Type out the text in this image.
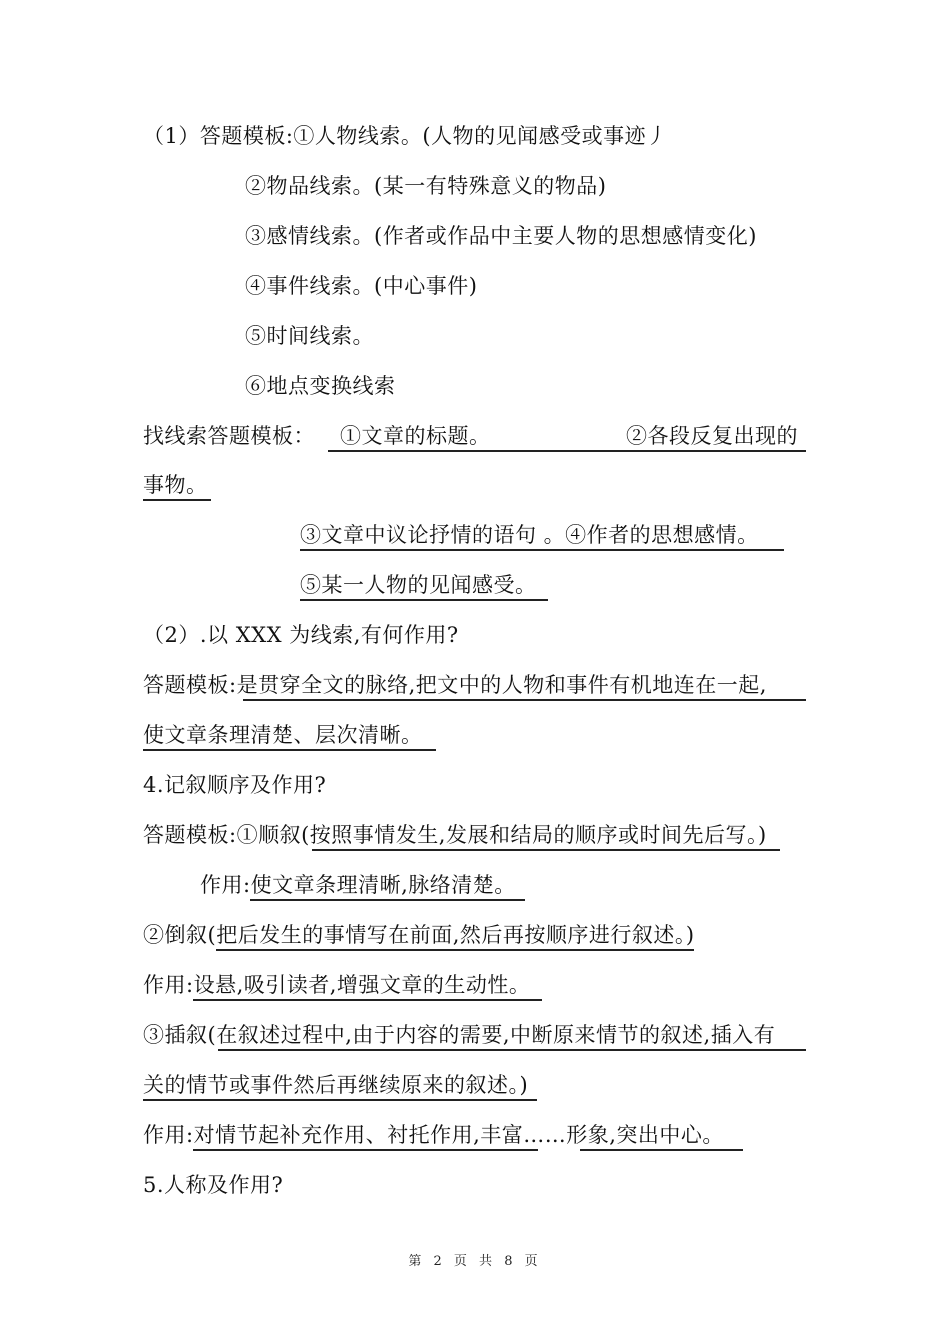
（1）答题模板:①人物线索。(人物的见闻感受或事迹丿
②物品线索。(某一有特殊意义的物品)
③感情线索。(作者或作品中主要人物的思想感情变化)
④事件线索。(中心事件)
⑤时间线索。
⑥地点变换线索
找线索答题模板： ①文章的标题。	②各段反复出现的
事物。
③文章中议论抒情的语句 。④作者的思想感情。
⑤某一人物的见闻感受。
（2）.以 XXX 为线索,有何作用?
答题模板:是贯穿全文的脉络,把文中的人物和事件有机地连在一起,
使文章条理清楚、层次清晰。
4.记叙顺序及作用?
答题模板:①顺叙(按照事情发生,发展和结局的顺序或时间先后写。)
作用:使文章条理清晰,脉络清楚。
②倒叙(把后发生的事情写在前面,然后再按顺序进行叙述。)
作用:设悬,吸引读者,增强文章的生动性。
③插叙(在叙述过程中,由于内容的需要,中断原来情节的叙述,插入有
关的情节或事件然后再继续原来的叙述。)
作用:对情节起补充作用、衬托作用,丰富……形象,突出中心。
5.人称及作用?
第 2 页 共 8 页
